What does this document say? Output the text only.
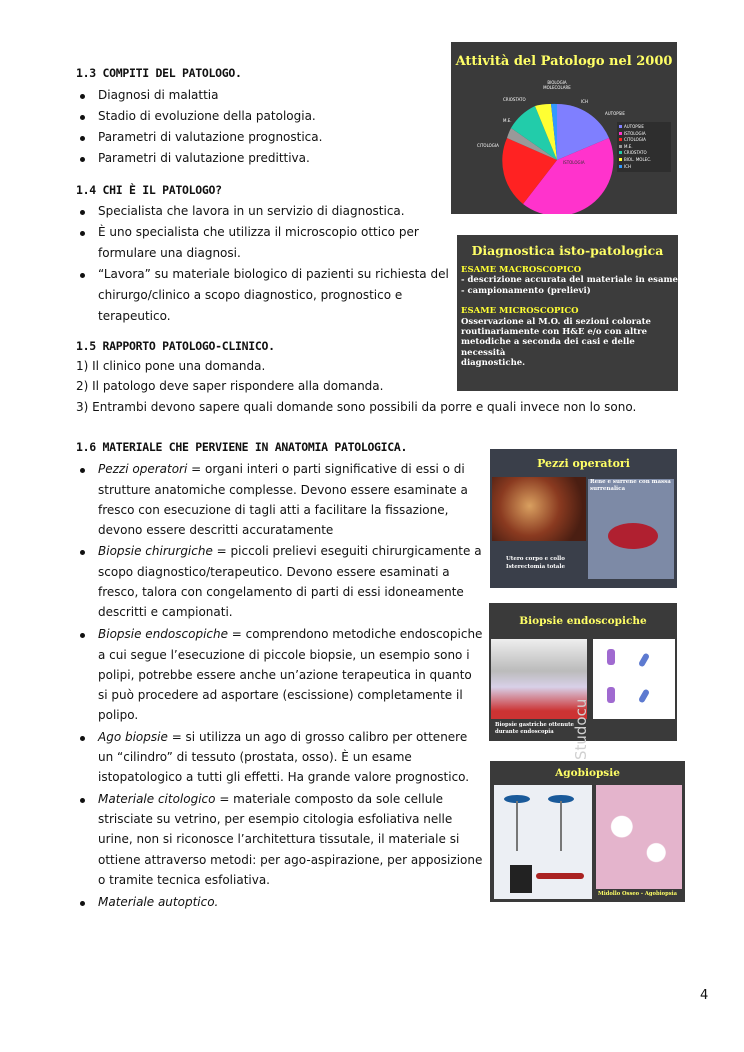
1.3 COMPITI DEL PATOLOGO.
Diagnosi di malattia
Stadio di evoluzione della patologia.
Parametri di valutazione prognostica.
Parametri di valutazione predittiva.
1.4 CHI È IL PATOLOGO?
Specialista che lavora in un servizio di diagnostica.
È uno specialista che utilizza il microscopio ottico per
formulare una diagnosi.
“Lavora” su materiale biologico di pazienti su richiesta del
chirurgo/clinico a scopo diagnostico, prognostico e
terapeutico.
1.5 RAPPORTO PATOLOGO-CLINICO.
1) Il clinico pone una domanda.
2) Il patologo deve saper rispondere alla domanda.
3) Entrambi devono sapere quali domande sono possibili da porre e quali invece non lo sono.
1.6 MATERIALE CHE PERVIENE IN ANATOMIA PATOLOGICA.
Pezzi operatori = organi interi o parti significative di essi o di
strutture anatomiche complesse. Devono essere esaminate a
fresco con esecuzione di tagli atti a facilitare la fissazione,
devono essere descritti accuratamente
Biopsie chirurgiche = piccoli prelievi eseguiti chirurgicamente a
scopo diagnostico/terapeutico. Devono essere esaminati a
fresco, talora con congelamento di parti di essi idoneamente
descritti e campionati.
Biopsie endoscopiche = comprendono metodiche endoscopiche
a cui segue l’esecuzione di piccole biopsie, un esempio sono i
polipi, potrebbe essere anche un’azione terapeutica in quanto
si può procedere ad asportare (escissione) completamente il
polipo.
Ago biopsie = si utilizza un ago di grosso calibro per ottenere
un “cilindro” di tessuto (prostata, osso). È un esame
istopatologico a tutti gli effetti. Ha grande valore prognostico.
Materiale citologico = materiale composto da sole cellule
strisciate su vetrino, per esempio citologia esfoliativa nelle
urine, non si riconosce l’architettura tissutale, il materiale si
ottiene attraverso metodi: per ago-aspirazione, per apposizione
o tramite tecnica esfoliativa.
Materiale autoptico.
Attività del Patologo nel 2000
BIOLOGIA MOLECOLARE
CRIOSTATO
M.E.
CITOLOGIA
ICH
AUTOPSIE
ISTOLOGIA
AUTOPSIE
ISTOLOGIA
CITOLOGIA
M.E.
CRIOSTATO
BIOL. MOLEC.
ICH
Diagnostica isto-patologica
ESAME MACROSCOPICO
- descrizione accurata del materiale in esame
- campionamento (prelievi)
ESAME MICROSCOPICO
Osservazione al M.O. di sezioni colorate
routinariamente con H&E e/o con altre
metodiche a seconda dei casi e delle necessità
diagnostiche.
Pezzi operatori
Rene e surrene con massa surrenalica
Utero corpo e collo Isterectomia totale
Biopsie endoscopiche
Biopsie gastriche ottenute durante endoscopia
Agobiopsie
Midollo Osseo - Agobiopsia
Studocu
4
